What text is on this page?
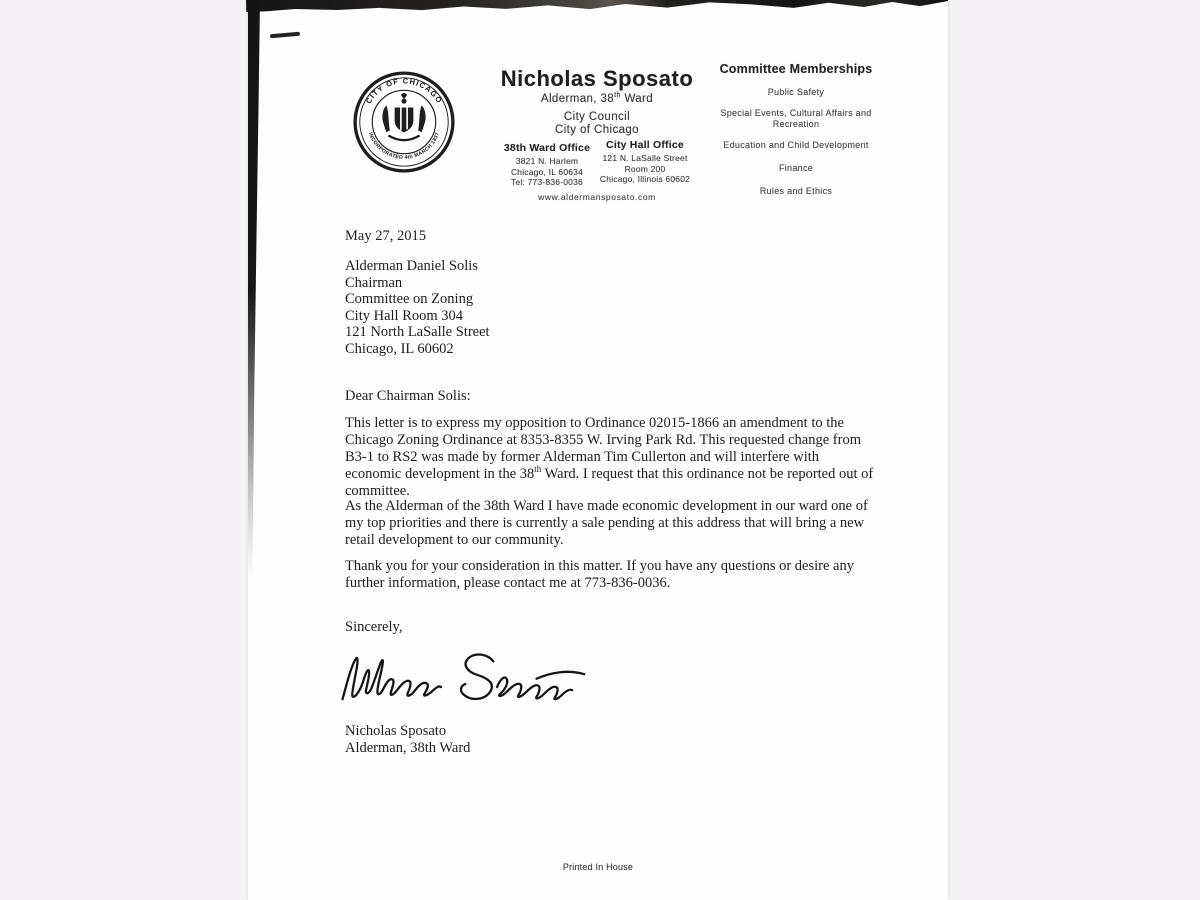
CITY OF CHICAGO
INCORPORATED 4th MARCH 1837
Nicholas Sposato
Alderman, 38th Ward
City Council
City of Chicago
38th Ward Office
3821 N. Harlem
Chicago, IL 60634
Tel: 773-836-0036
City Hall Office
121 N. LaSalle Street
Room 200
Chicago, Illinois 60602
www.aldermansposato.com
Committee Memberships
Public Safety
Special Events, Cultural Affairs and Recreation
Education and Child Development
Finance
Rules and Ethics
May 27, 2015
Alderman Daniel Solis
Chairman
Committee on Zoning
City Hall Room 304
121 North LaSalle Street
Chicago, IL 60602
Dear Chairman Solis:
This letter is to express my opposition to Ordinance 02015-1866 an amendment to the Chicago Zoning Ordinance at 8353-8355 W. Irving Park Rd. This requested change from B3-1 to RS2 was made by former Alderman Tim Cullerton and will interfere with economic development in the 38th Ward. I request that this ordinance not be reported out of committee.
As the Alderman of the 38th Ward I have made economic development in our ward one of my top priorities and there is currently a sale pending at this address that will bring a new retail development to our community.
Thank you for your consideration in this matter. If you have any questions or desire any further information, please contact me at 773-836-0036.
Sincerely,
Nicholas Sposato
Alderman, 38th Ward
Printed In House
